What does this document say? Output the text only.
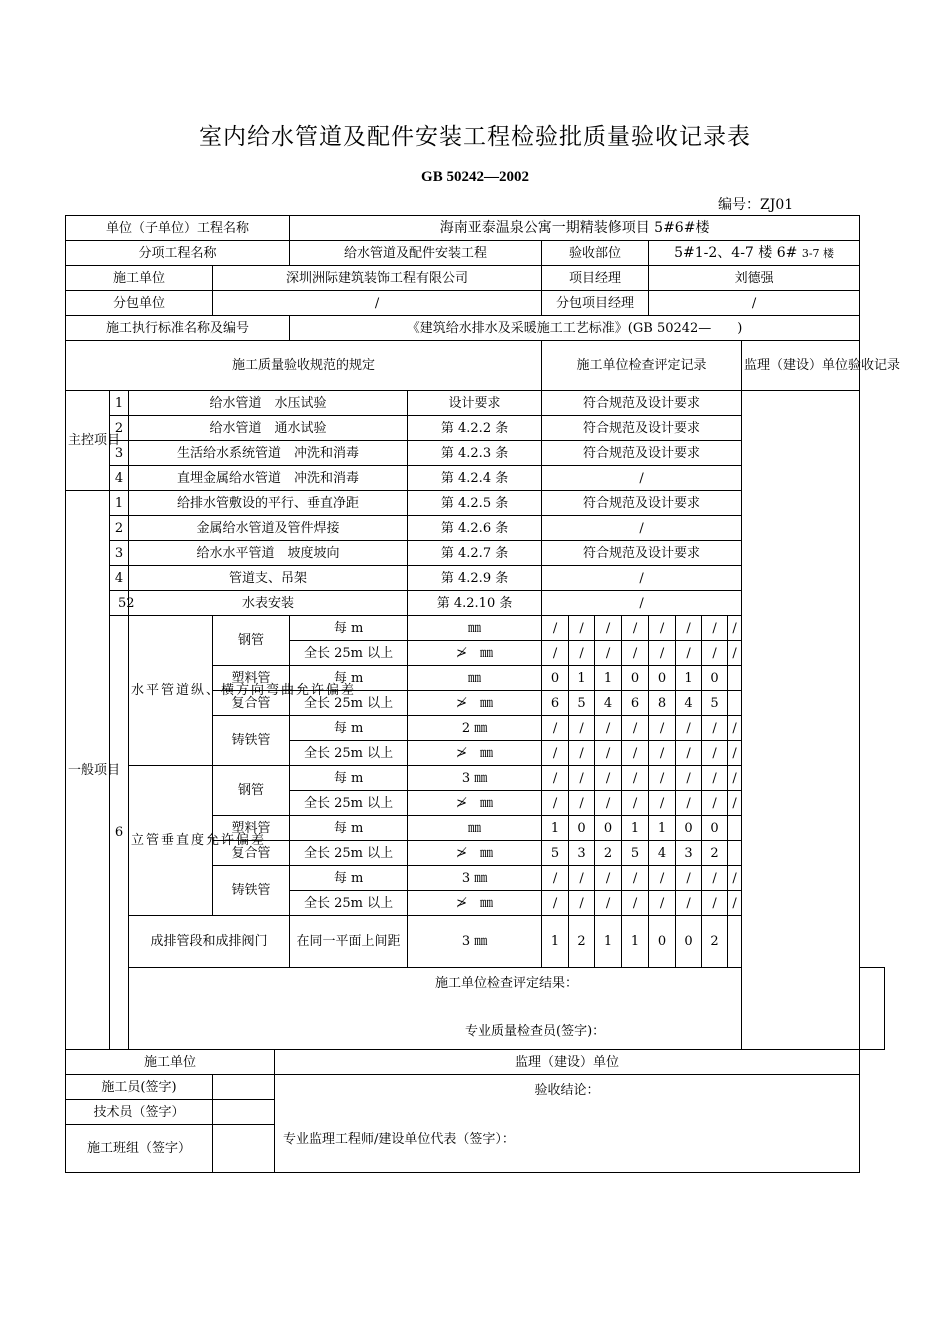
室内给水管道及配件安装工程检验批质量验收记录表
GB 50242—2002
编号：ZJ01
单位（子单位）工程名称					海南亚泰温泉公寓一期精装修项目 5#6#楼										
分项工程名称					给水管道及配件安装工程		验收部位				5#1-2、4-7 楼 6# 3-7 楼				
施工单位			深圳洲际建筑装饰工程有限公司				项目经理				刘德强				
分包单位			/				分包项目经理				/				
施工执行标准名称及编号					《建筑给水排水及采暖施工工艺标准》(GB 50242—　　)										
施工质量验收规范的规定							施工单位检查评定记录								监理（建设）单位验收记录
主控项目	1	给水管道　水压试验				设计要求	符合规范及设计要求								
	2	给水管道　通水试验				第 4.2.2 条	符合规范及设计要求								
	3	生活给水系统管道　冲洗和消毒				第 4.2.3 条	符合规范及设计要求								
	4	直埋金属给水管道　冲洗和消毒				第 4.2.4 条	/								
一般项目	1	给排水管敷设的平行、垂直净距				第 4.2.5 条	符合规范及设计要求								
	2	金属给水管道及管件焊接				第 4.2.6 条	/								
	3	给水水平管道　坡度坡向				第 4.2.7 条	符合规范及设计要求								
	4	管道支、吊架				第 4.2.9 条	/								
	52	水表安装				第 4.2.10 条	/								
	6	水平管道纵、横方向弯曲允许偏差	钢管		每 m	㎜	/	/	/	/	/	/	/	/	
					全长 25m 以上	≯　㎜	/	/	/	/	/	/	/	/	
			塑料管		每 m	㎜	0	1	1	0	0	1	0		
			复合管		全长 25m 以上	≯　㎜	6	5	4	6	8	4	5		
			铸铁管		每 m	2 ㎜	/	/	/	/	/	/	/	/	
					全长 25m 以上	≯　㎜	/	/	/	/	/	/	/	/	
		立管垂直度允许偏差	钢管		每 m	3 ㎜	/	/	/	/	/	/	/	/	
					全长 25m 以上	≯　㎜	/	/	/	/	/	/	/	/	
			塑料管		每 m	㎜	1	0	0	1	1	0	0		
			复合管		全长 25m 以上	≯　㎜	5	3	2	5	4	3	2		
			铸铁管		每 m	3 ㎜	/	/	/	/	/	/	/	/	
					全长 25m 以上	≯　㎜	/	/	/	/	/	/	/	/	
		成排管段和成排阀门			在同一平面上间距	3 ㎜	1	2	1	1	0	0	2		

		施工单位检查评定结果：
专业质量检查员(签字)：													

施工单位				监理（建设）单位											
施工员(签字)				验收结论：
专业监理工程师/建设单位代表（签字）：											

技术员（签字）															
施工班组（签字）															
